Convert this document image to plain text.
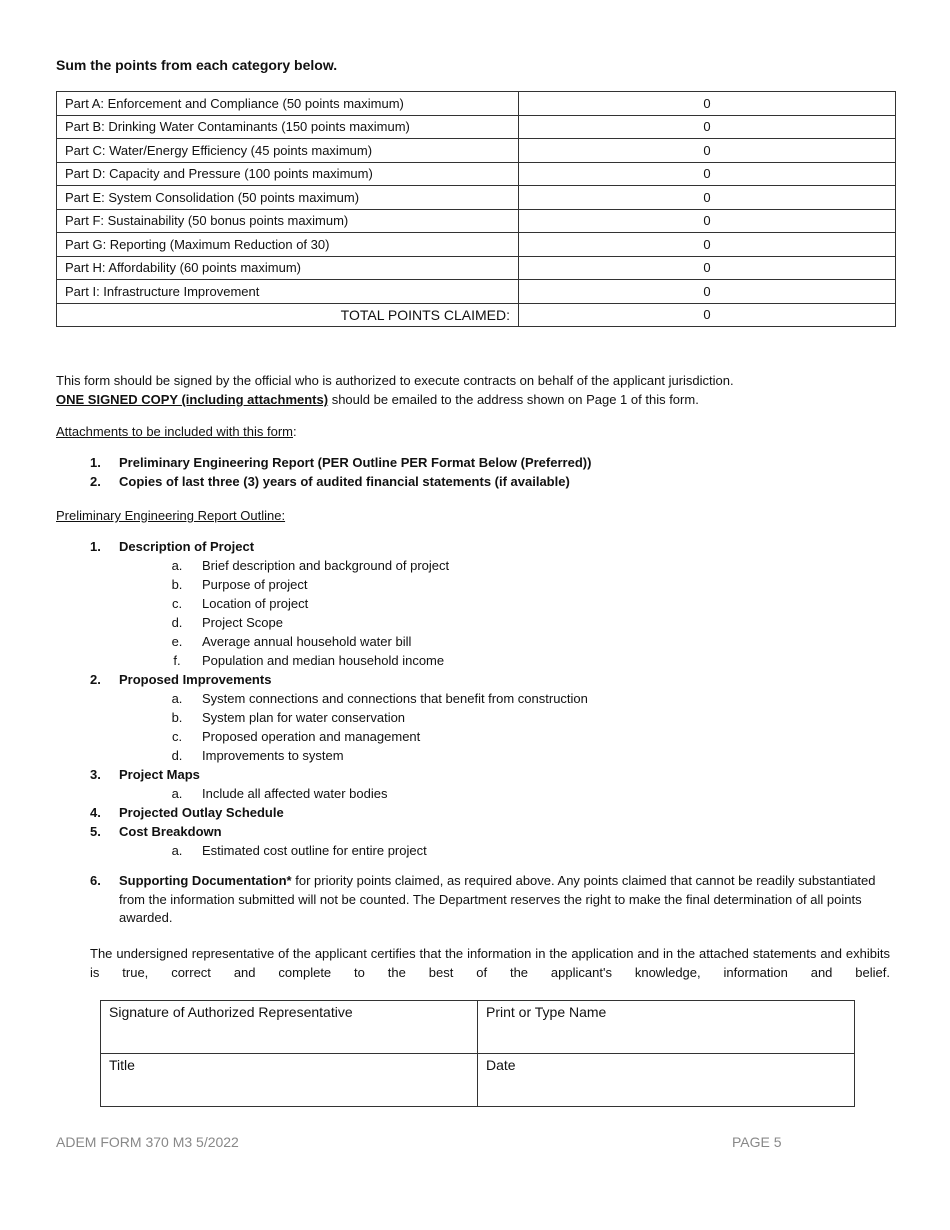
Sum the points from each category below.
Part A: Enforcement and Compliance (50 points maximum)	0
Part B: Drinking Water Contaminants (150 points maximum)	0
Part C: Water/Energy Efficiency (45 points maximum)	0
Part D: Capacity and Pressure (100 points maximum)	0
Part E: System Consolidation (50 points maximum)	0
Part F: Sustainability (50 bonus points maximum)	0
Part G: Reporting (Maximum Reduction of 30)	0
Part H: Affordability (60 points maximum)	0
Part I: Infrastructure Improvement	0
TOTAL POINTS CLAIMED:	0
This form should be signed by the official who is authorized to execute contracts on behalf of the applicant jurisdiction.
ONE SIGNED COPY (including attachments) should be emailed to the address shown on Page 1 of this form.
Attachments to be included with this form:
1.	Preliminary Engineering Report (PER Outline PER Format Below (Preferred))
2.	Copies of last three (3) years of audited financial statements (if available)
Preliminary Engineering Report Outline:
1.	Description of Project
a. Brief description and background of project
b. Purpose of project
c. Location of project
d. Project Scope
e. Average annual household water bill
f. Population and median household income
2.	Proposed Improvements
a. System connections and connections that benefit from construction
b. System plan for water conservation
c. Proposed operation and management
d. Improvements to system
3.	Project Maps
a. Include all affected water bodies
4.	Projected Outlay Schedule
5.	Cost Breakdown
a. Estimated cost outline for entire project
6.	Supporting Documentation* for priority points claimed, as required above. Any points claimed that cannot be readily substantiated from the information submitted will not be counted. The Department reserves the right to make the final determination of all points awarded.
The undersigned representative of the applicant certifies that the information in the application and in the attached statements and exhibits is true, correct and complete to the best of the applicant's knowledge, information and belief.
Signature of Authorized Representative	Print or Type Name
Title	Date
ADEM FORM 370 M3 5/2022	PAGE 5
